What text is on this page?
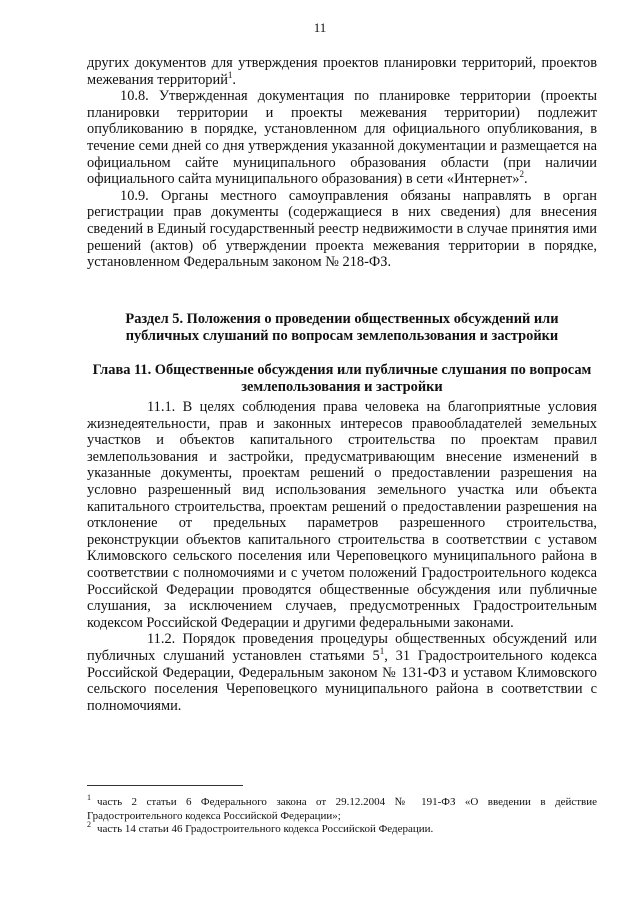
11

других документов для утверждения проектов планировки территорий, проектов межевания территорий$^1$.

10.8. Утвержденная документация по планировке территории (проекты планировки территории и проекты межевания территории) подлежит опубликованию в порядке, установленном для официального опубликования, в течение семи дней со дня утверждения указанной документации и размещается на официальном сайте муниципального образования области (при наличии официального сайта муниципального образования) в сети «Интернет»$^2$.

10.9. Органы местного самоуправления обязаны направлять в орган регистрации прав документы (содержащиеся в них сведения) для внесения сведений в Единый государственный реестр недвижимости в случае принятия ими решений (актов) об утверждении проекта межевания территории в порядке, установленном Федеральным законом № 218-ФЗ.

Раздел 5. Положения о проведении общественных обсуждений или публичных слушаний по вопросам землепользования и застройки

Глава 11. Общественные обсуждения или публичные слушания по вопросам землепользования и застройки

11.1. В целях соблюдения права человека на благоприятные условия жизнедеятельности, прав и законных интересов правообладателей земельных участков и объектов капитального строительства по проектам правил землепользования и застройки, предусматривающим внесение изменений в указанные документы, проектам решений о предоставлении разрешения на условно разрешенный вид использования земельного участка или объекта капитального строительства, проектам решений о предоставлении разрешения на отклонение от предельных параметров разрешенного строительства, реконструкции объектов капитального строительства в соответствии с уставом Климовского сельского поселения или Череповецкого муниципального района в соответствии с полномочиями и с учетом положений Градостроительного кодекса Российской Федерации проводятся общественные обсуждения или публичные слушания, за исключением случаев, предусмотренных Градостроительным кодексом Российской Федерации и другими федеральными законами.

11.2. Порядок проведения процедуры общественных обсуждений или публичных слушаний установлен статьями $5^1$, 31 Градостроительного кодекса Российской Федерации, Федеральным законом № 131-ФЗ и уставом Климовского сельского поселения Череповецкого муниципального района в соответствии с полномочиями.

$^1$ часть 2 статьи 6 Федерального закона от 29.12.2004 № 191-ФЗ «О введении в действие Градостроительного кодекса Российской Федерации»;

$^2$ часть 14 статьи 46 Градостроительного кодекса Российской Федерации.
